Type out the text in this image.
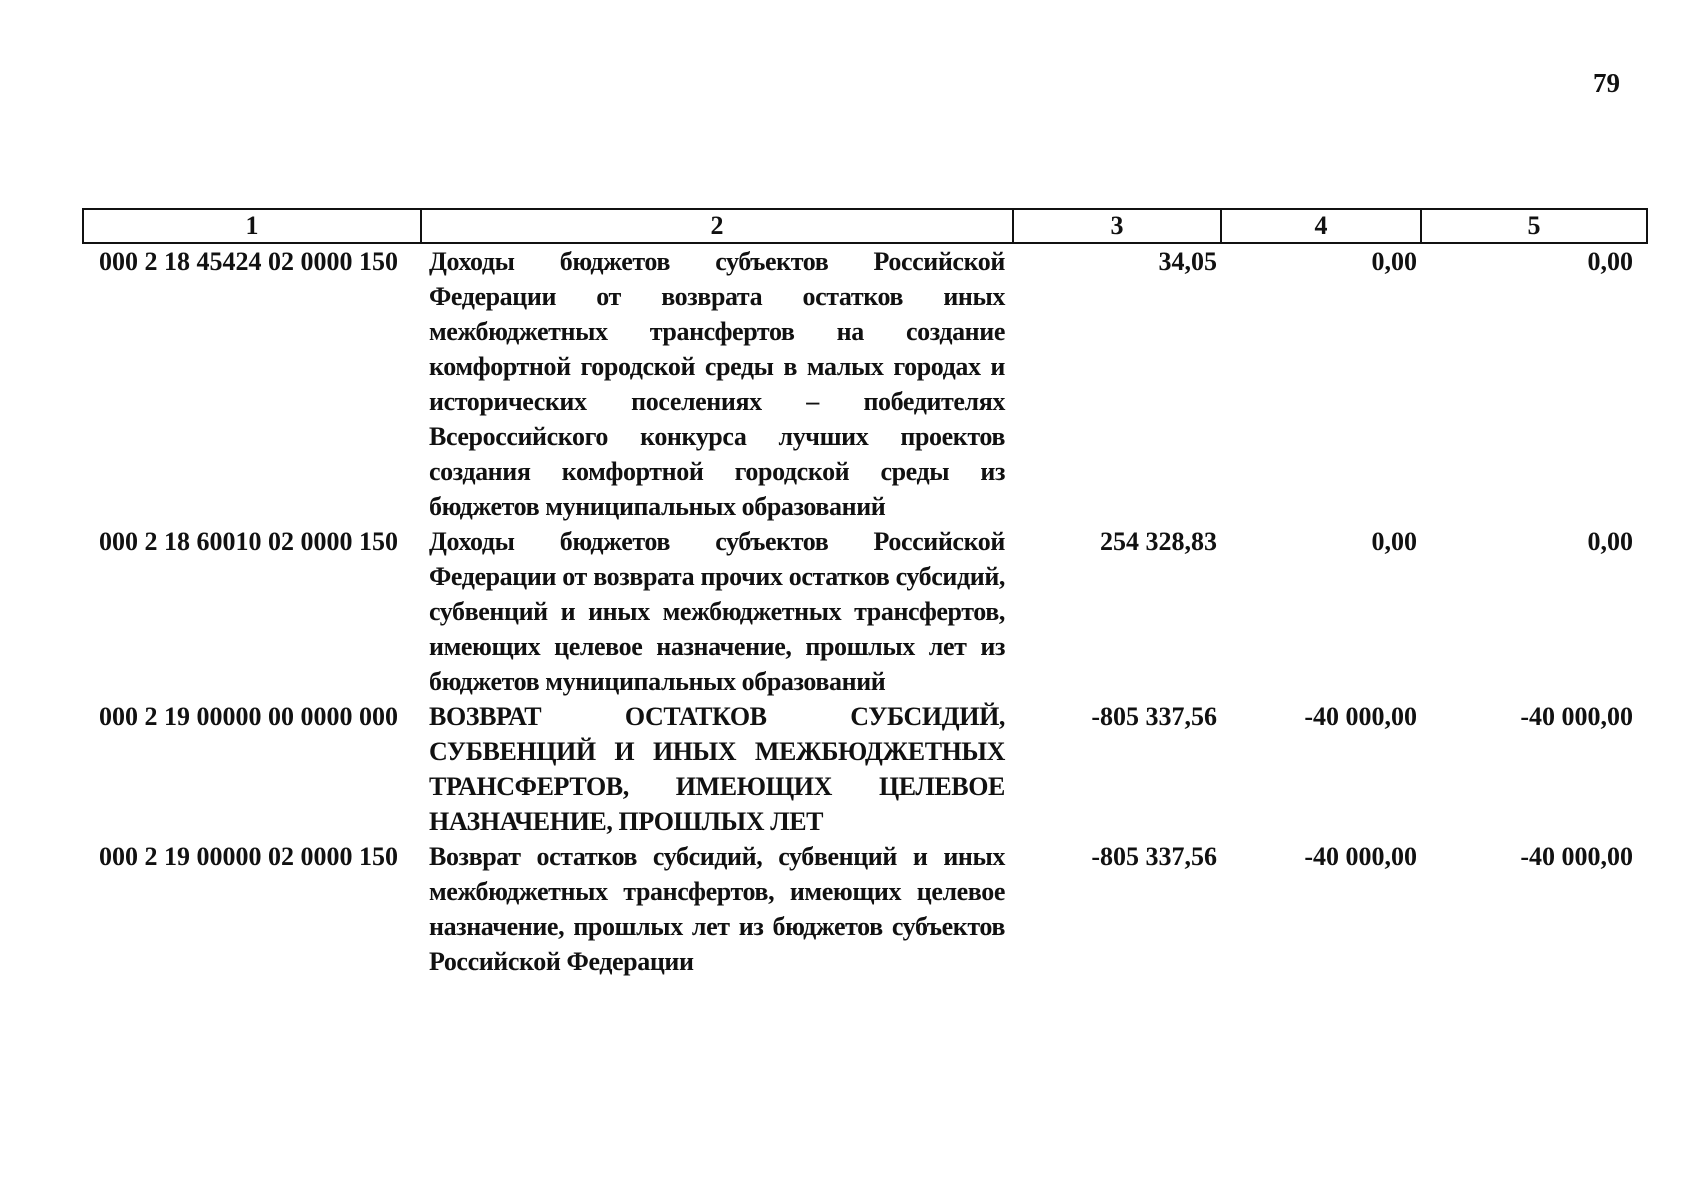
79
1	2	3	4	5
000 2 18 45424 02 0000 150	Доходы бюджетов субъектов Российской Федерации от возврата остатков иных межбюджетных трансфертов на создание комфортной городской среды в малых городах и исторических поселениях – победителях Всероссийского конкурса лучших проектов создания комфортной городской среды из бюджетов муниципальных образований	34,05	0,00	0,00
000 2 18 60010 02 0000 150	Доходы бюджетов субъектов Российской Федерации от возврата прочих остатков субсидий, субвенций и иных межбюджетных трансфертов, имеющих целевое назначение, прошлых лет из бюджетов муниципальных образований	254 328,83	0,00	0,00
000 2 19 00000 00 0000 000	ВОЗВРАТ ОСТАТКОВ СУБСИДИЙ, СУБВЕНЦИЙ И ИНЫХ МЕЖБЮДЖЕТНЫХ ТРАНСФЕРТОВ, ИМЕЮЩИХ ЦЕЛЕВОЕ НАЗНАЧЕНИЕ, ПРОШЛЫХ ЛЕТ	-805 337,56	-40 000,00	-40 000,00
000 2 19 00000 02 0000 150	Возврат остатков субсидий, субвенций и иных межбюджетных трансфертов, имеющих целевое назначение, прошлых лет из бюджетов субъектов Российской Федерации	-805 337,56	-40 000,00	-40 000,00
